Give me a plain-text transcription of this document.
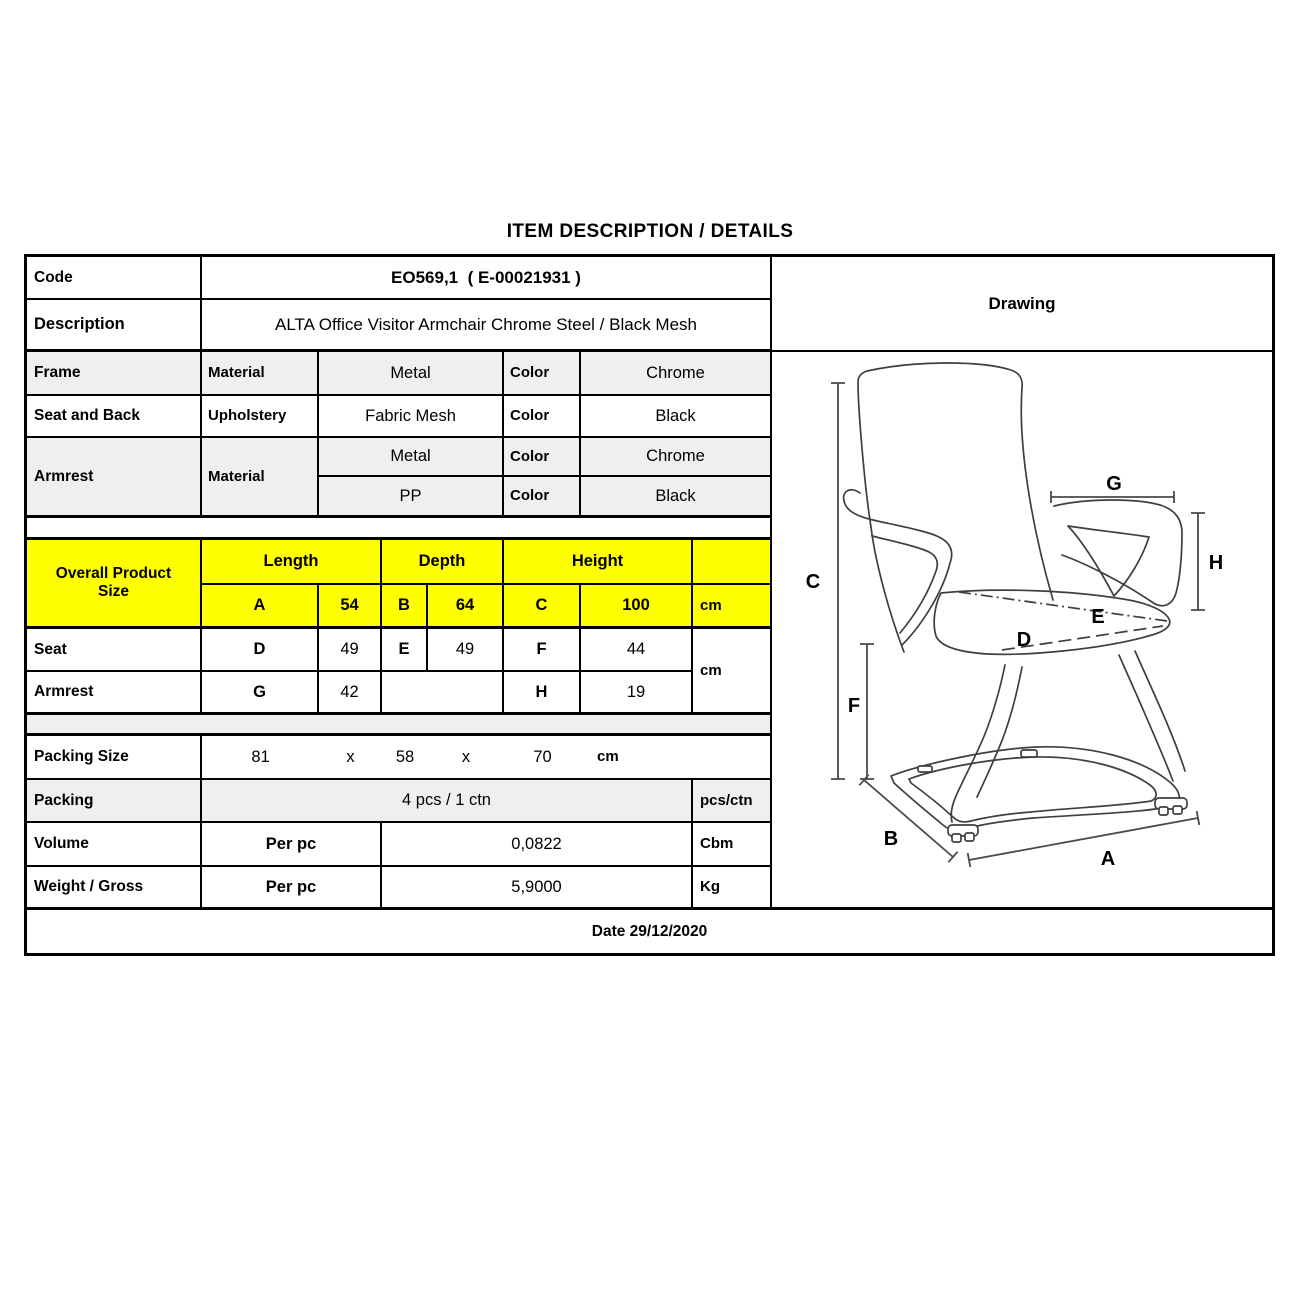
ITEM DESCRIPTION / DETAILS
Code	EO569,1  ( E-00021931 )
Description	ALTA Office Visitor Armchair Chrome Steel / Black Mesh
Drawing
Frame	Material	Metal	Color	Chrome
Seat and Back	Upholstery	Fabric Mesh	Color	Black
Armrest	Material
Metal	Color	Chrome
PP	Color	Black
Overall Product Size
Length	Depth	Height
A	54	B	64	C	100	cm
Seat	D	49	E	49	F	44
cm
Armrest	G	42	H	19
Packing Size	81	x	58	x	70	cm
Packing	4 pcs / 1 ctn	pcs/ctn
Volume	Per pc	0,0822	Cbm
Weight / Gross	Per pc	5,9000	Kg
C
F
G
H
E
D
B
A
Date 29/12/2020
